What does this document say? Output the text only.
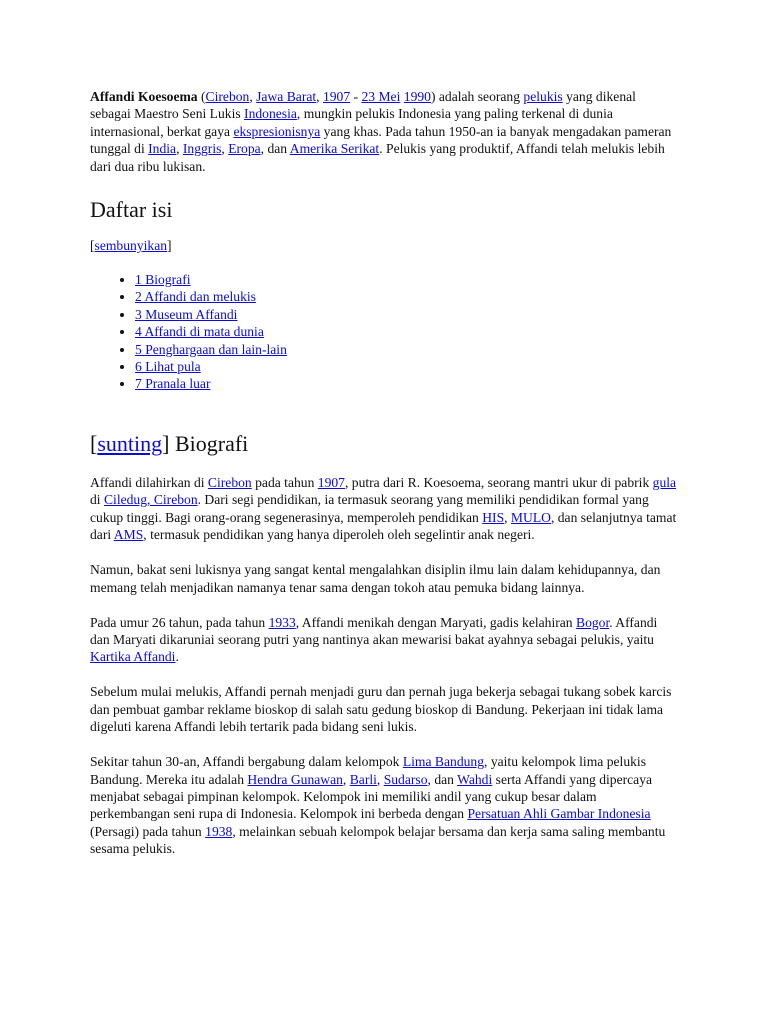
Affandi Koesoema (Cirebon, Jawa Barat, 1907 - 23 Mei 1990) adalah seorang pelukis yang dikenal sebagai Maestro Seni Lukis Indonesia, mungkin pelukis Indonesia yang paling terkenal di dunia internasional, berkat gaya ekspresionisnya yang khas. Pada tahun 1950-an ia banyak mengadakan pameran tunggal di India, Inggris, Eropa, dan Amerika Serikat. Pelukis yang produktif, Affandi telah melukis lebih dari dua ribu lukisan.

Daftar isi
[sembunyikan]
• 1 Biografi
• 2 Affandi dan melukis
• 3 Museum Affandi
• 4 Affandi di mata dunia
• 5 Penghargaan dan lain-lain
• 6 Lihat pula
• 7 Pranala luar
[sunting] Biografi

Affandi dilahirkan di Cirebon pada tahun 1907, putra dari R. Koesoema, seorang mantri ukur di pabrik gula di Ciledug, Cirebon. Dari segi pendidikan, ia termasuk seorang yang memiliki pendidikan formal yang cukup tinggi. Bagi orang-orang segenerasinya, memperoleh pendidikan HIS, MULO, dan selanjutnya tamat dari AMS, termasuk pendidikan yang hanya diperoleh oleh segelintir anak negeri.

Namun, bakat seni lukisnya yang sangat kental mengalahkan disiplin ilmu lain dalam kehidupannya, dan memang telah menjadikan namanya tenar sama dengan tokoh atau pemuka bidang lainnya.

Pada umur 26 tahun, pada tahun 1933, Affandi menikah dengan Maryati, gadis kelahiran Bogor. Affandi dan Maryati dikaruniai seorang putri yang nantinya akan mewarisi bakat ayahnya sebagai pelukis, yaitu Kartika Affandi.

Sebelum mulai melukis, Affandi pernah menjadi guru dan pernah juga bekerja sebagai tukang sobek karcis dan pembuat gambar reklame bioskop di salah satu gedung bioskop di Bandung. Pekerjaan ini tidak lama digeluti karena Affandi lebih tertarik pada bidang seni lukis.

Sekitar tahun 30-an, Affandi bergabung dalam kelompok Lima Bandung, yaitu kelompok lima pelukis Bandung. Mereka itu adalah Hendra Gunawan, Barli, Sudarso, dan Wahdi serta Affandi yang dipercaya menjabat sebagai pimpinan kelompok. Kelompok ini memiliki andil yang cukup besar dalam perkembangan seni rupa di Indonesia. Kelompok ini berbeda dengan Persatuan Ahli Gambar Indonesia (Persagi) pada tahun 1938, melainkan sebuah kelompok belajar bersama dan kerja sama saling membantu sesama pelukis.
